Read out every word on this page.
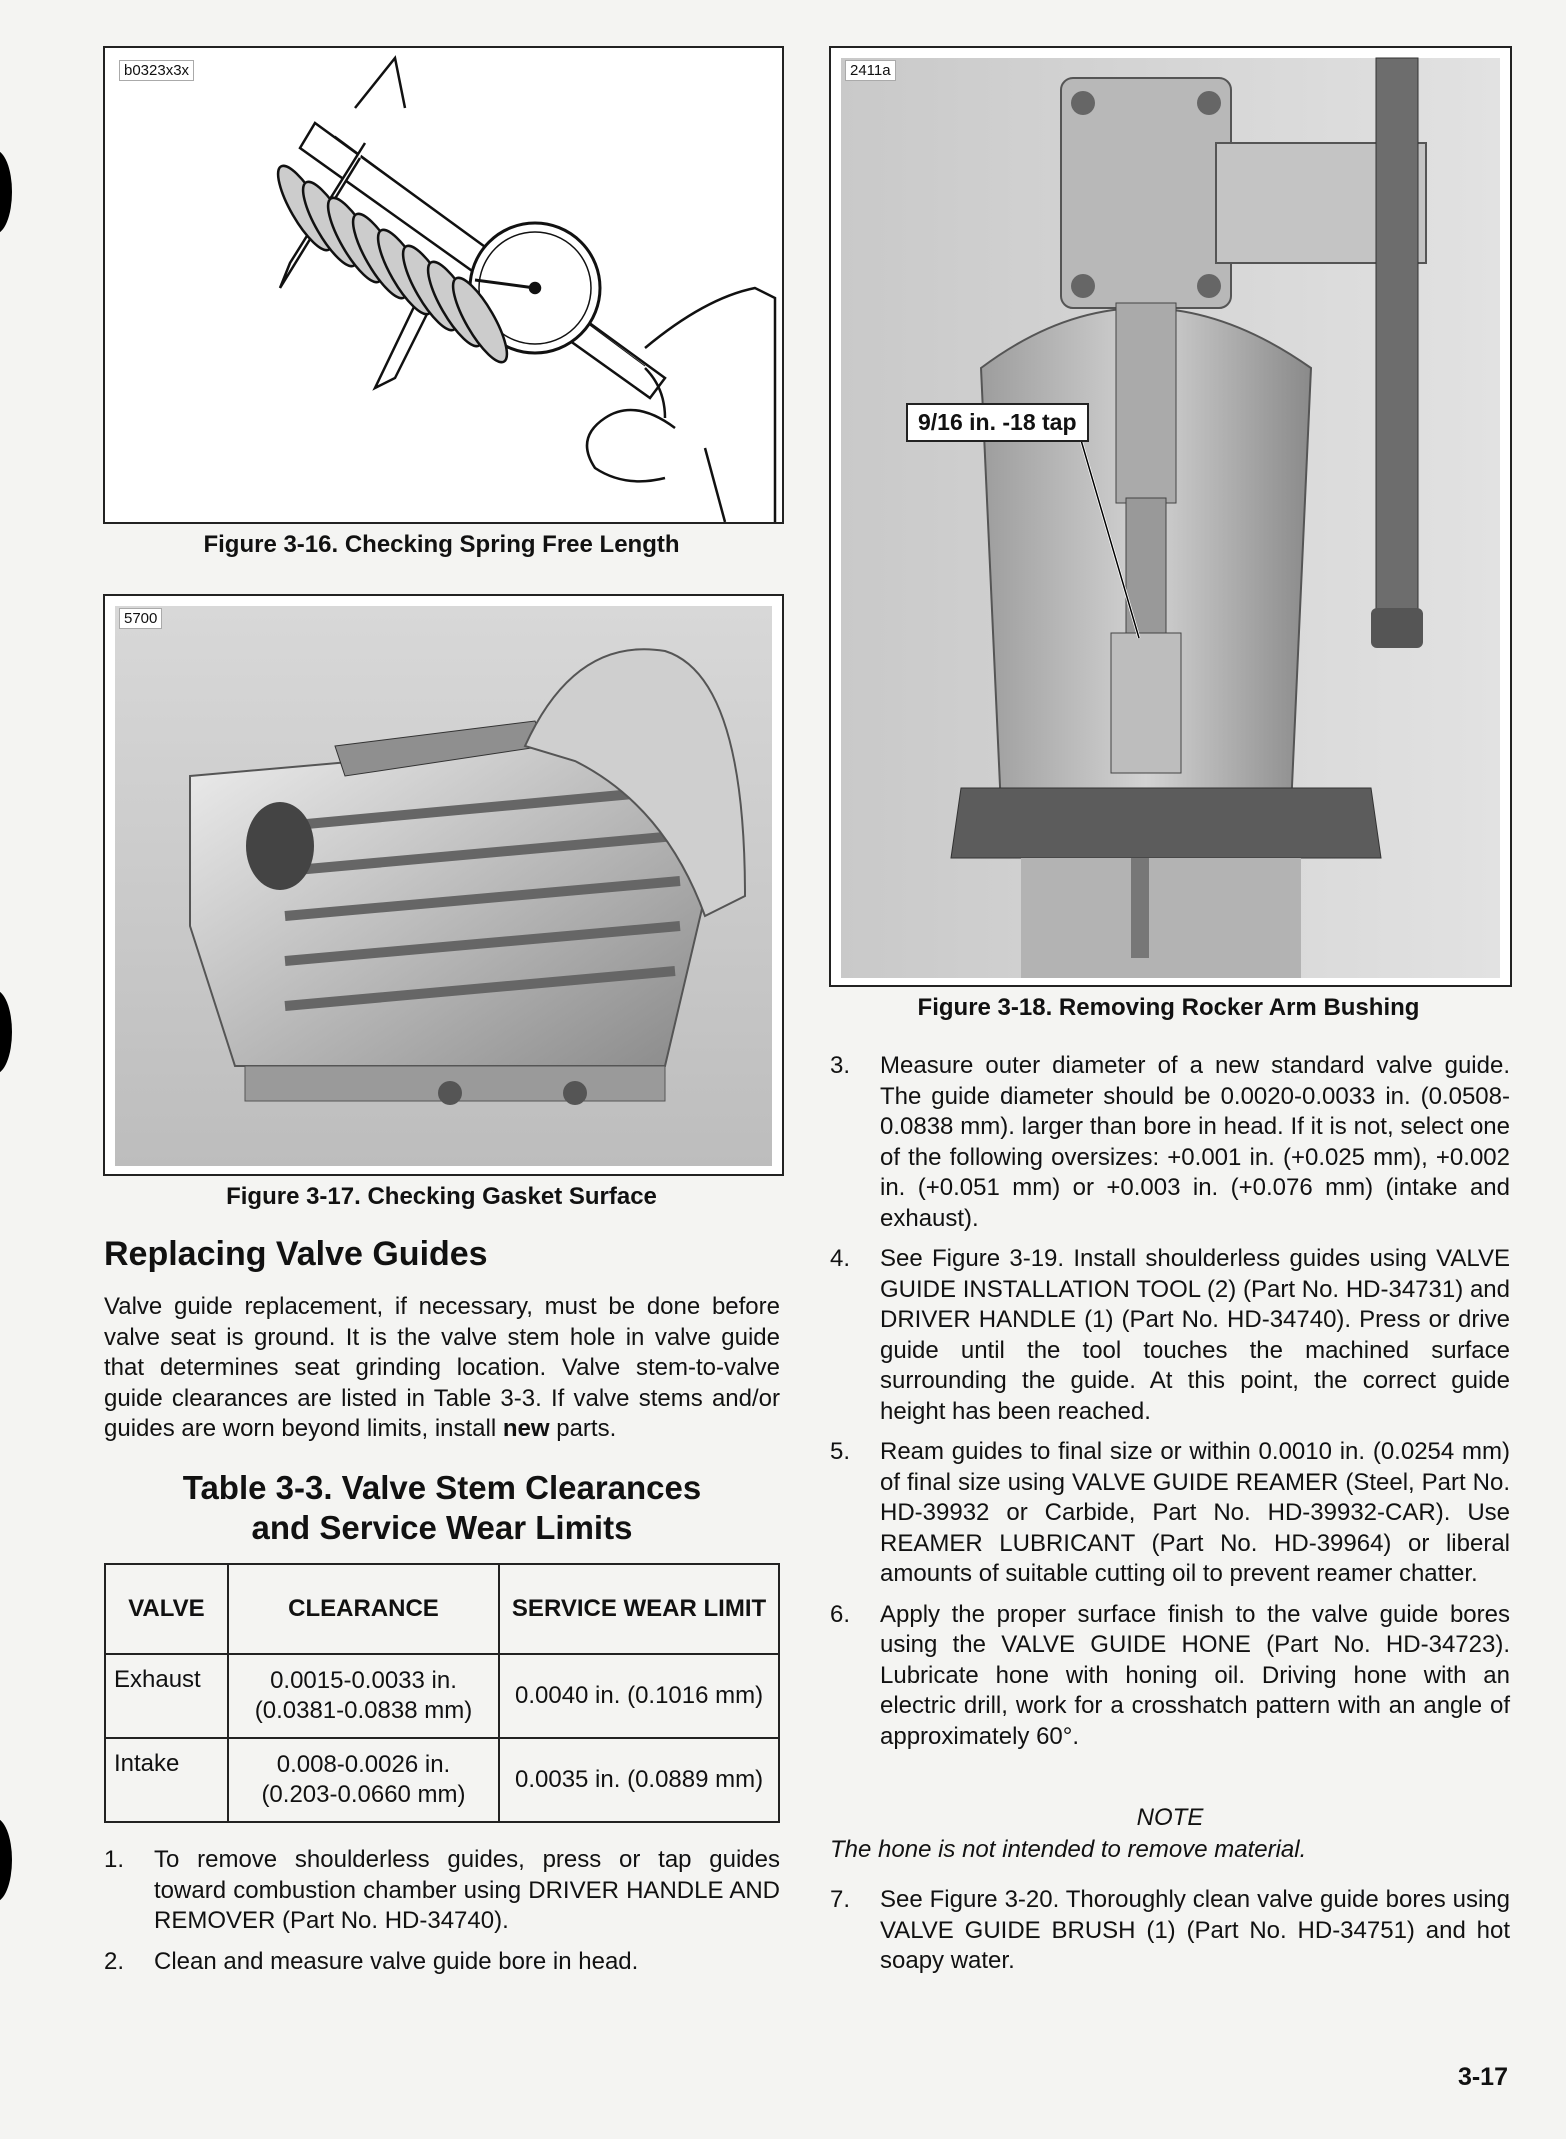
b0323x3x
Figure 3-16. Checking Spring Free Length
5700
Figure 3-17. Checking Gasket Surface
2411a
9/16 in. -18 tap
Figure 3-18. Removing Rocker Arm Bushing
Replacing Valve Guides

Valve guide replacement, if necessary, must be done before valve seat is ground. It is the valve stem hole in valve guide that determines seat grinding location. Valve stem-to-valve guide clearances are listed in Table 3-3. If valve stems and/or guides are worn beyond limits, install new parts.

Table 3-3. Valve Stem Clearances
and Service Wear Limits
VALVE	CLEARANCE	SERVICE WEAR LIMIT
Exhaust	0.0015-0.0033 in. (0.0381-0.0838 mm)	0.0040 in. (0.1016 mm)
Intake	0.008-0.0026 in. (0.203-0.0660 mm)	0.0035 in. (0.0889 mm)
1. To remove shoulderless guides, press or tap guides toward combustion chamber using DRIVER HANDLE AND REMOVER (Part No. HD-34740).
2. Clean and measure valve guide bore in head.
3. Measure outer diameter of a new standard valve guide. The guide diameter should be 0.0020-0.0033 in. (0.0508-0.0838 mm). larger than bore in head. If it is not, select one of the following oversizes: +0.001 in. (+0.025 mm), +0.002 in. (+0.051 mm) or +0.003 in. (+0.076 mm) (intake and exhaust).
4. See Figure 3-19. Install shoulderless guides using VALVE GUIDE INSTALLATION TOOL (2) (Part No. HD-34731) and DRIVER HANDLE (1) (Part No. HD-34740). Press or drive guide until the tool touches the machined surface surrounding the guide. At this point, the correct guide height has been reached.
5. Ream guides to final size or within 0.0010 in. (0.0254 mm) of final size using VALVE GUIDE REAMER (Steel, Part No. HD-39932 or Carbide, Part No. HD-39932-CAR). Use REAMER LUBRICANT (Part No. HD-39964) or liberal amounts of suitable cutting oil to prevent reamer chatter.
6. Apply the proper surface finish to the valve guide bores using the VALVE GUIDE HONE (Part No. HD-34723). Lubricate hone with honing oil. Driving hone with an electric drill, work for a crosshatch pattern with an angle of approximately 60°.

NOTE

The hone is not intended to remove material.

7. See Figure 3-20. Thoroughly clean valve guide bores using VALVE GUIDE BRUSH (1) (Part No. HD-34751) and hot soapy water.
3-17
